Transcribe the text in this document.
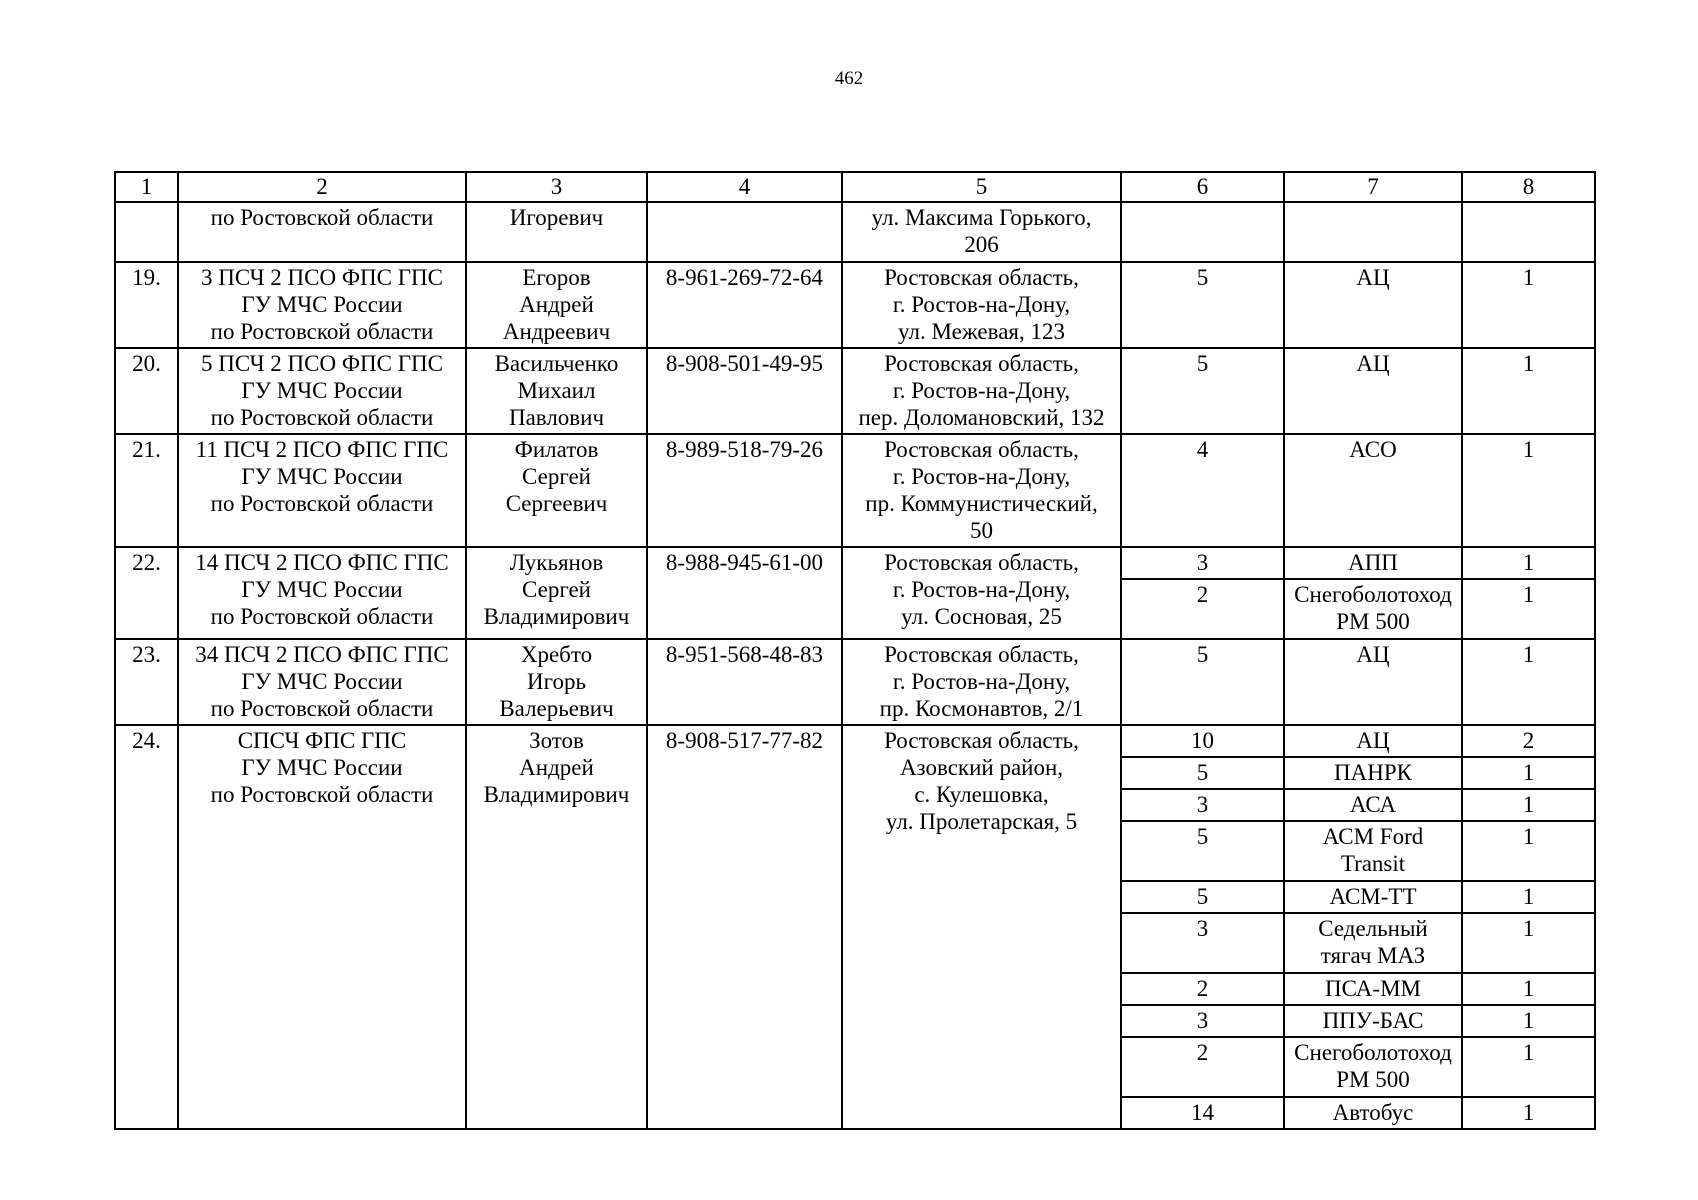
462
1	2	3	4	5	6	7	8

	по Ростовской области	Игоревич		ул. Максима Горького,
206			

19.	3 ПСЧ 2 ПСО ФПС ГПС
ГУ МЧС России
по Ростовской области	Егоров
Андрей
Андреевич	8-961-269-72-64	Ростовская область,
г. Ростов-на-Дону,
ул. Межевая, 123	5	АЦ	1
20.	5 ПСЧ 2 ПСО ФПС ГПС
ГУ МЧС России
по Ростовской области	Васильченко
Михаил
Павлович	8-908-501-49-95	Ростовская область,
г. Ростов-на-Дону,
пер. Доломановский, 132	5	АЦ	1
21.	11 ПСЧ 2 ПСО ФПС ГПС
ГУ МЧС России
по Ростовской области	Филатов
Сергей
Сергеевич	8-989-518-79-26	Ростовская область,
г. Ростов-на-Дону,
пр. Коммунистический,
50	4	АСО	1
22.	14 ПСЧ 2 ПСО ФПС ГПС
ГУ МЧС России
по Ростовской области	Лукьянов
Сергей
Владимирович	8-988-945-61-00	Ростовская область,
г. Ростов-на-Дону,
ул. Сосновая, 25	3	АПП	1
					2	Снегоболотоход
РМ 500	1
23.	34 ПСЧ 2 ПСО ФПС ГПС
ГУ МЧС России
по Ростовской области	Хребто
Игорь
Валерьевич	8-951-568-48-83	Ростовская область,
г. Ростов-на-Дону,
пр. Космонавтов, 2/1	5	АЦ	1
24.	СПСЧ ФПС ГПС
ГУ МЧС России
по Ростовской области	Зотов
Андрей
Владимирович	8-908-517-77-82	Ростовская область,
Азовский район,
с. Кулешовка,
ул. Пролетарская, 5	10	АЦ	2
					5	ПАНРК	1
					3	АСА	1
					5	АСМ Ford
Transit	1
					5	АСМ-ТТ	1
					3	Седельный
тягач МАЗ	1
					2	ПСА-ММ	1
					3	ППУ-БАС	1
					2	Снегоболотоход
РМ 500	1
					14	Автобус	1
